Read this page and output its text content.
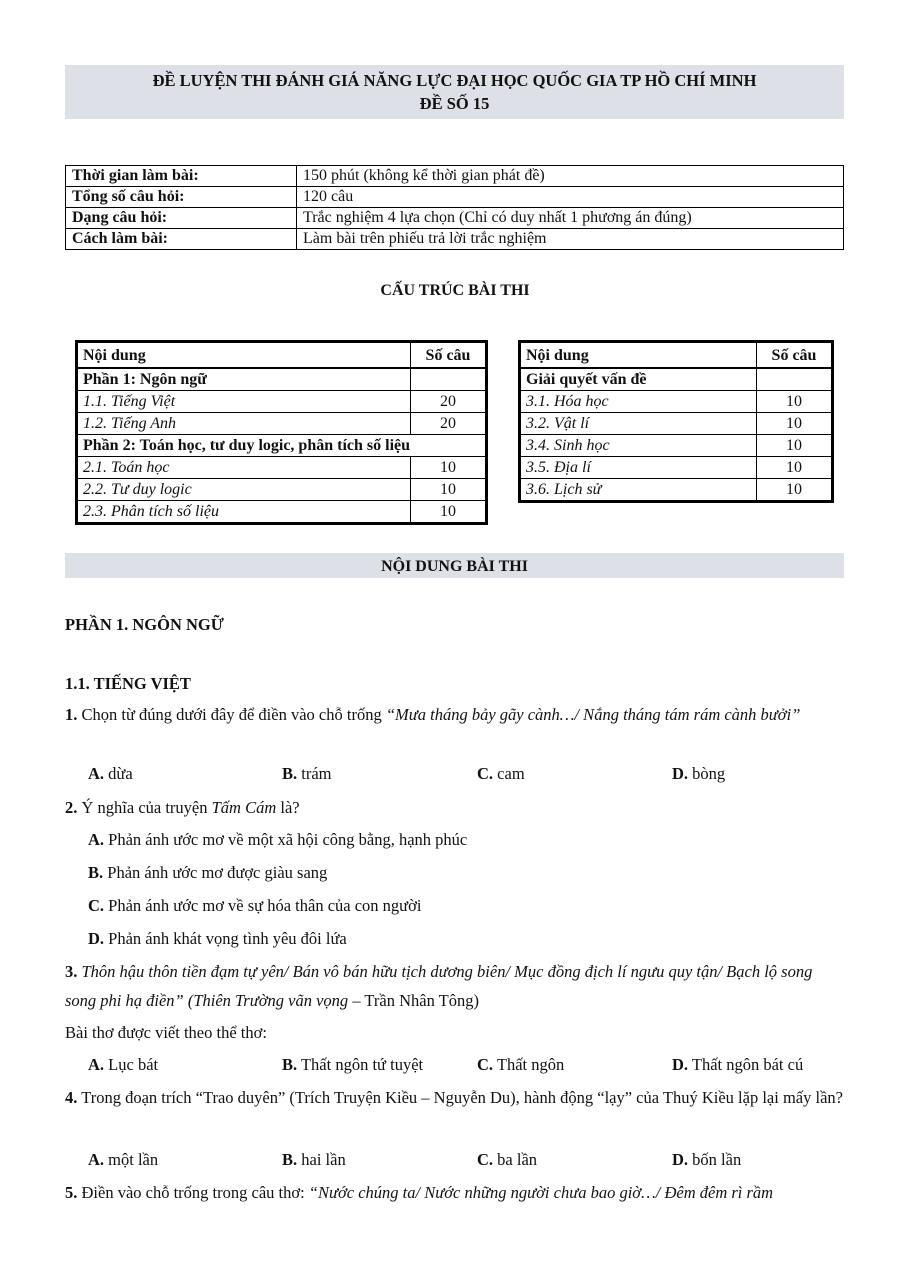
ĐỀ LUYỆN THI ĐÁNH GIÁ NĂNG LỰC ĐẠI HỌC QUỐC GIA TP HỒ CHÍ MINH
ĐỀ SỐ 15
Thời gian làm bài:	150 phút (không kể thời gian phát đề)
Tổng số câu hỏi:	120 câu
Dạng câu hỏi:	Trắc nghiệm 4 lựa chọn (Chỉ có duy nhất 1 phương án đúng)
Cách làm bài:	Làm bài trên phiếu trả lời trắc nghiệm
CẤU TRÚC BÀI THI
Nội dung	Số câu
Phần 1: Ngôn ngữ	
1.1. Tiếng Việt	20
1.2. Tiếng Anh	20
Phần 2: Toán học, tư duy logic, phân tích số liệu	
2.1. Toán học	10
2.2. Tư duy logic	10
2.3. Phân tích số liệu	10
Nội dung	Số câu
Giải quyết vấn đề	
3.1. Hóa học	10
3.2. Vật lí	10
3.4. Sinh học	10
3.5. Địa lí	10
3.6. Lịch sử	10
NỘI DUNG BÀI THI
PHẦN 1. NGÔN NGỮ
1.1. TIẾNG VIỆT
1. Chọn từ đúng dưới đây để điền vào chỗ trống “Mưa tháng bảy gãy cành…/ Nắng tháng tám rám cành bưởi”
A. dừa	B. trám	C. cam	D. bòng
2. Ý nghĩa của truyện Tấm Cám là?
A. Phản ánh ước mơ về một xã hội công bằng, hạnh phúc
B. Phản ánh ước mơ được giàu sang
C. Phản ánh ước mơ về sự hóa thân của con người
D. Phản ánh khát vọng tình yêu đôi lứa
3. Thôn hậu thôn tiền đạm tự yên/ Bán vô bán hữu tịch dương biên/ Mục đồng địch lí ngưu quy tận/ Bạch lộ song song phi hạ điền” (Thiên Trường vãn vọng – Trần Nhân Tông)
Bài thơ được viết theo thể thơ:
A. Lục bát	B. Thất ngôn tứ tuyệt	C. Thất ngôn	D. Thất ngôn bát cú
4. Trong đoạn trích “Trao duyên” (Trích Truyện Kiều – Nguyễn Du), hành động “lạy” của Thuý Kiều lặp lại mấy lần?
A. một lần	B. hai lần	C. ba lần	D. bốn lần
5. Điền vào chỗ trống trong câu thơ: “Nước chúng ta/ Nước những người chưa bao giờ…/ Đêm đêm rì rầm
